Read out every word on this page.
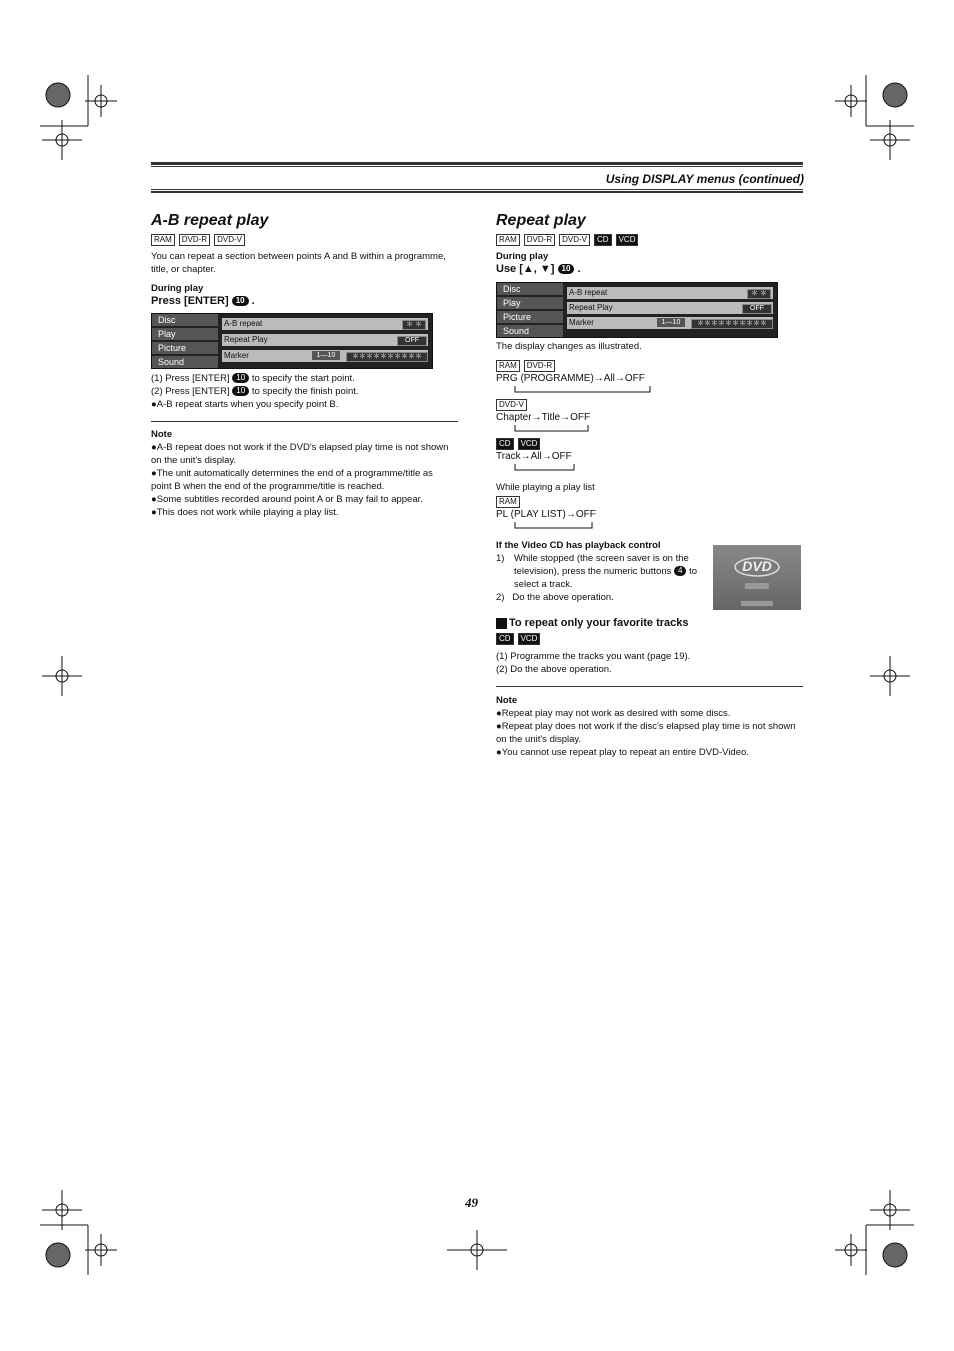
Using DISPLAY menus (continued)
A-B repeat play
RAM	DVD-R	DVD-V
You can repeat a section between points A and B within a programme, title, or chapter.
During play
Press [ENTER] 10 .
Disc
Play
Picture
Sound
A-B repeat	＊ ＊
Repeat Play	OFF
Marker	1—10	＊＊＊＊＊＊＊＊＊＊
(1) Press [ENTER] 10 to specify the start point.
(2) Press [ENTER] 10 to specify the finish point.
●A-B repeat starts when you specify point B.
Note
●A-B repeat does not work if the DVD's elapsed play time is not shown on the unit's display.
●The unit automatically determines the end of a programme/title as point B when the end of the programme/title is reached.
●Some subtitles recorded around point A or B may fail to appear.
●This does not work while playing a play list.
Repeat play
RAM	DVD-R	DVD-V	CD	VCD
During play
Use [▲, ▼] 10 .
Disc
Play
Picture
Sound
A-B repeat	＊ ＊
Repeat Play	OFF
Marker	1—10	＊＊＊＊＊＊＊＊＊＊
The display changes as illustrated.
RAM	DVD-R
PRG (PROGRAMME)→All→OFF
DVD-V
Chapter→Title→OFF
CD	VCD
Track→All→OFF
While playing a play list
RAM
PL (PLAY LIST)→OFF
If the Video CD has playback control
1) While stopped (the screen saver is on the television), press the numeric buttons 4 to select a track.
2) Do the above operation.
DVD
To repeat only your favorite tracks
CD	VCD
(1) Programme the tracks you want (page 19).
(2) Do the above operation.
Note
●Repeat play may not work as desired with some discs.
●Repeat play does not work if the disc's elapsed play time is not shown on the unit's display.
●You cannot use repeat play to repeat an entire DVD-Video.
49
